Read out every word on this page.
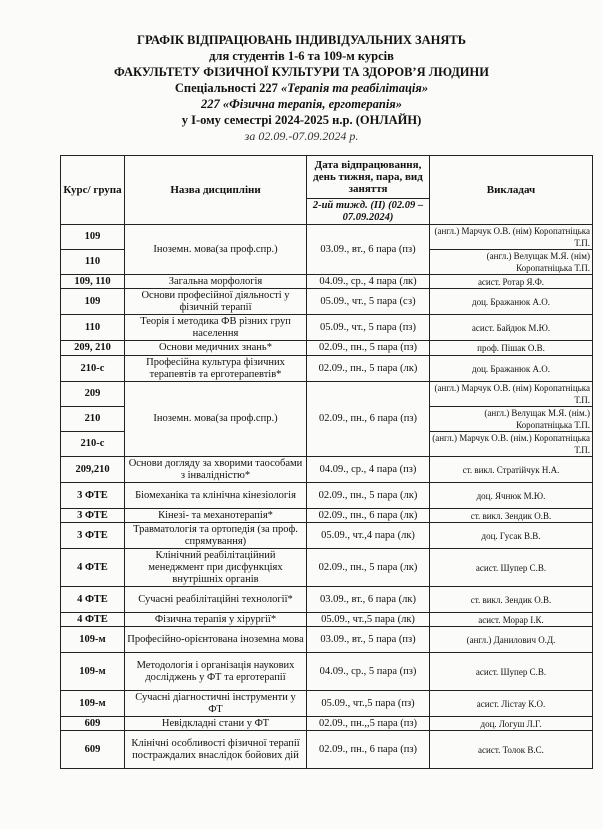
ГРАФІК ВІДПРАЦЮВАНЬ ІНДИВІДУАЛЬНИХ ЗАНЯТЬ
для студентів 1-6 та 109-м курсів
ФАКУЛЬТЕТУ ФІЗИЧНОЇ КУЛЬТУРИ ТА ЗДОРОВ’Я ЛЮДИНИ
Спеціальності 227 «Терапія та реабілітація»
227 «Фізична терапія, ерготерапія»
у І-ому семестрі 2024-2025 н.р. (ОНЛАЙН)
за 02.09.-07.09.2024 р.
Курс/ група	Назва дисципліни	Дата відпрацювання, день тижня, пара, вид заняття	Викладач
		2-ий тижд. (ІІ) (02.09 – 07.09.2024)	
109	Іноземн. мова(за проф.спр.)	03.09., вт., 6 пара (пз)	(англ.) Марчук О.В. (нім) Коропатніцька Т.П.
110			(англ.) Велущак М.Я. (нім) Коропатніцька Т.П.
109, 110	Загальна морфологія	04.09., ср., 4 пара (лк)	асист. Ротар Я.Ф.
109	Основи професійної діяльності у фізичній терапії	05.09., чт., 5 пара (сз)	доц. Бражанюк А.О.
110	Теорія і методика ФВ різних груп населення	05.09., чт., 5 пара (пз)	асист. Байдюк М.Ю.
209, 210	Основи медичних знань*	02.09., пн., 5 пара (пз)	проф. Пішак О.В.
210-с	Професійна культура фізичних терапевтів та ерготерапевтів*	02.09., пн., 5 пара (лк)	доц. Бражанюк А.О.
209	Іноземн. мова(за проф.спр.)	02.09., пн., 6 пара (пз)	(англ.) Марчук О.В. (нім) Коропатніцька Т.П.
210			(англ.) Велущак М.Я. (нім.) Коропатніцька Т.П.
210-с			(англ.) Марчук О.В. (нім.) Коропатніцька Т.П.
209,210	Основи догляду за хворими таособами з інвалідністю*	04.09., ср., 4 пара (пз)	ст. викл. Стратійчук Н.А.
3 ФТЕ	Біомеханіка та клінічна кінезіологія	02.09., пн., 5 пара (лк)	доц. Ячнюк М.Ю.
3 ФТЕ	Кінезі- та механотерапія*	02.09., пн., 6 пара (лк)	ст. викл. Зендик О.В.
3 ФТЕ	Травматологія та ортопедія (за проф. спрямування)	05.09., чт.,4 пара (лк)	доц. Гусак В.В.
4 ФТЕ	Клінічний реабілітаційний менеджмент при дисфункціях внутрішніх органів	02.09., пн., 5 пара (лк)	асист. Шупер С.В.
4 ФТЕ	Сучасні реабілітаційні технології*	03.09., вт., 6 пара (лк)	ст. викл. Зендик О.В.
4 ФТЕ	Фізична терапія у хірургії*	05.09., чт.,5 пара (лк)	асист. Морар І.К.
109-м	Професійно-орієнтована іноземна мова	03.09., вт., 5 пара (пз)	(англ.) Данилович О.Д.
109-м	Методологія і організація наукових досліджень у ФТ та ерготерапії	04.09., ср., 5 пара (пз)	асист. Шупер С.В.
109-м	Сучасні діагностичні інструменти у ФТ	05.09., чт.,5 пара (пз)	асист. Лістау К.О.
609	Невідкладні стани у ФТ	02.09., пн.,,5 пара (пз)	доц. Логуш Л.Г.
609	Клінічні особливості фізичної терапії постраждалих внаслідок бойових дій	02.09., пн., 6 пара (пз)	асист. Толок В.С.
